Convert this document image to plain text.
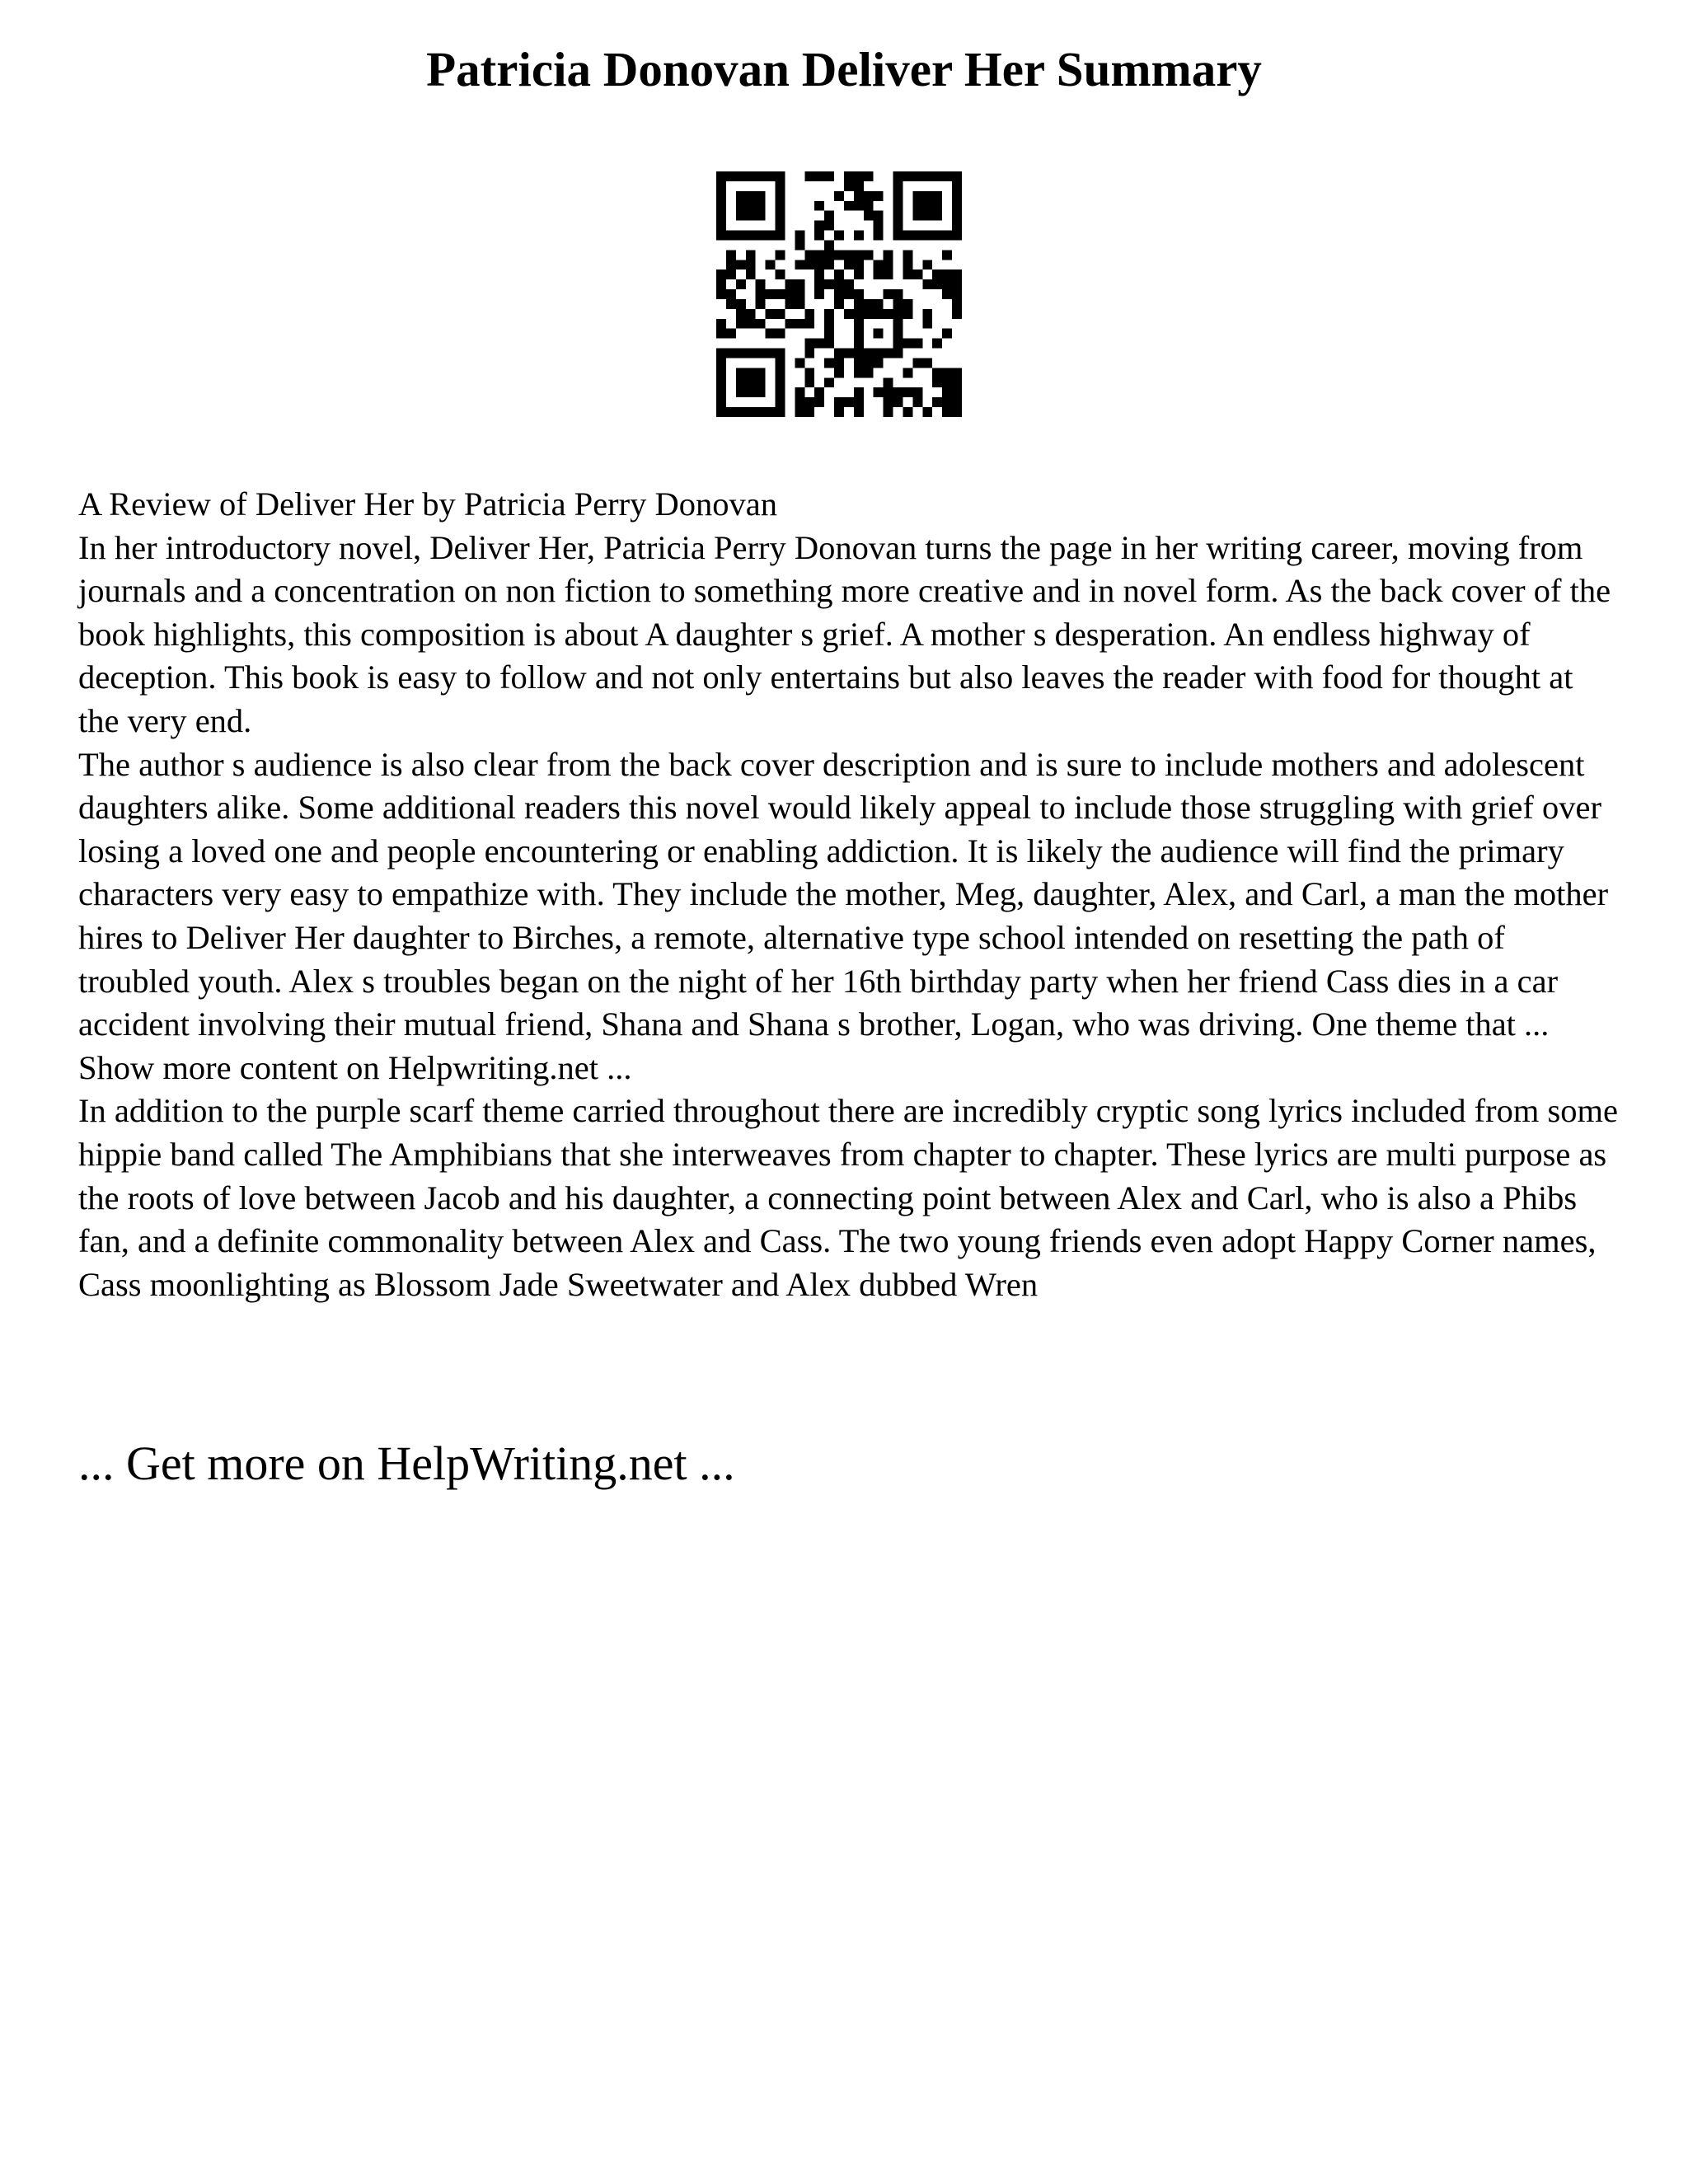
Patricia Donovan Deliver Her Summary

A Review of Deliver Her by Patricia Perry Donovan

In her introductory novel, Deliver Her, Patricia Perry Donovan turns the page in her writing career, moving from journals and a concentration on non fiction to something more creative and in novel form. As the back cover of the book highlights, this composition is about A daughter s grief. A mother s desperation. An endless highway of deception. This book is easy to follow and not only entertains but also leaves the reader with food for thought at the very end.

The author s audience is also clear from the back cover description and is sure to include mothers and adolescent daughters alike. Some additional readers this novel would likely appeal to include those struggling with grief over losing a loved one and people encountering or enabling addiction. It is likely the audience will find the primary characters very easy to empathize with. They include the mother, Meg, daughter, Alex, and Carl, a man the mother hires to Deliver Her daughter to Birches, a remote, alternative type school intended on resetting the path of troubled youth. Alex s troubles began on the night of her 16th birthday party when her friend Cass dies in a car accident involving their mutual friend, Shana and Shana s brother, Logan, who was driving. One theme that ... Show more content on Helpwriting.net ...

In addition to the purple scarf theme carried throughout there are incredibly cryptic song lyrics included from some hippie band called The Amphibians that she interweaves from chapter to chapter. These lyrics are multi purpose as the roots of love between Jacob and his daughter, a connecting point between Alex and Carl, who is also a Phibs fan, and a definite commonality between Alex and Cass. The two young friends even adopt Happy Corner names, Cass moonlighting as Blossom Jade Sweetwater and Alex dubbed Wren

... Get more on HelpWriting.net ...
